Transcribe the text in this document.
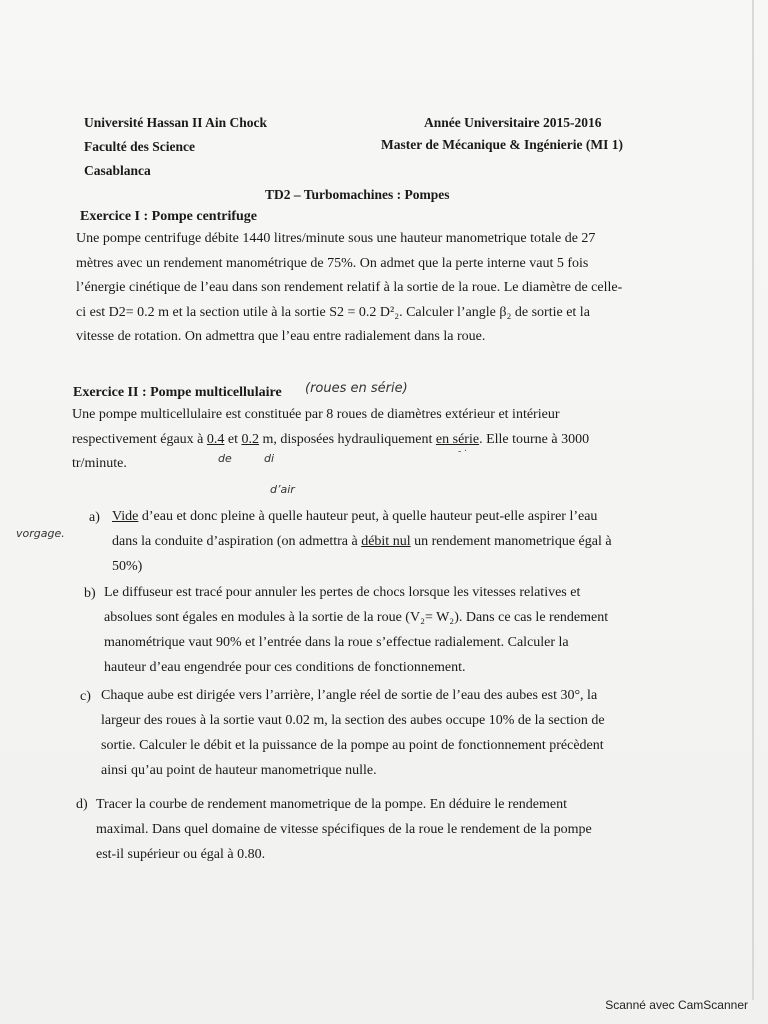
Université Hassan II Ain Chock
Faculté des Science
Casablanca
Année Universitaire 2015-2016
Master de Mécanique & Ingénierie (MI 1)
TD2 – Turbomachines : Pompes
Exercice I : Pompe centrifuge
Une pompe centrifuge débite 1440 litres/minute sous une hauteur manometrique totale de 27
mètres avec un rendement manométrique de 75%. On admet que la perte interne vaut 5 fois
l’énergie cinétique de l’eau dans son rendement relatif à la sortie de la roue. Le diamètre de celle-
ci est D2= 0.2 m et la section utile à la sortie S2 = 0.2 D²₂. Calculer l’angle β₂ de sortie et la
vitesse de rotation. On admettra que l’eau entre radialement dans la roue.
Exercice II : Pompe multicellulaire (roues en série)
Une pompe multicellulaire est constituée par 8 roues de diamètres extérieur et intérieur
respectivement égaux à 0.4 et 0.2 m, disposées hydrauliquement en série. Elle tourne à 3000
tr/minute.	de	di
- ·
d’air
vorgage.
a) Vide d’eau et donc pleine à quelle hauteur peut, à quelle hauteur peut-elle aspirer l’eau
dans la conduite d’aspiration (on admettra à débit nul un rendement manometrique égal à
50%)
b) Le diffuseur est tracé pour annuler les pertes de chocs lorsque les vitesses relatives et
absolues sont égales en modules à la sortie de la roue (V₂= W₂). Dans ce cas le rendement
manométrique vaut 90% et l’entrée dans la roue s’effectue radialement. Calculer la
hauteur d’eau engendrée pour ces conditions de fonctionnement.
c) Chaque aube est dirigée vers l’arrière, l’angle réel de sortie de l’eau des aubes est 30°, la
largeur des roues à la sortie vaut 0.02 m, la section des aubes occupe 10% de la section de
sortie. Calculer le débit et la puissance de la pompe au point de fonctionnement précèdent
ainsi qu’au point de hauteur manometrique nulle.
d) Tracer la courbe de rendement manometrique de la pompe. En déduire le rendement
maximal. Dans quel domaine de vitesse spécifiques de la roue le rendement de la pompe
est-il supérieur ou égal à 0.80.
Scanné avec CamScanner
